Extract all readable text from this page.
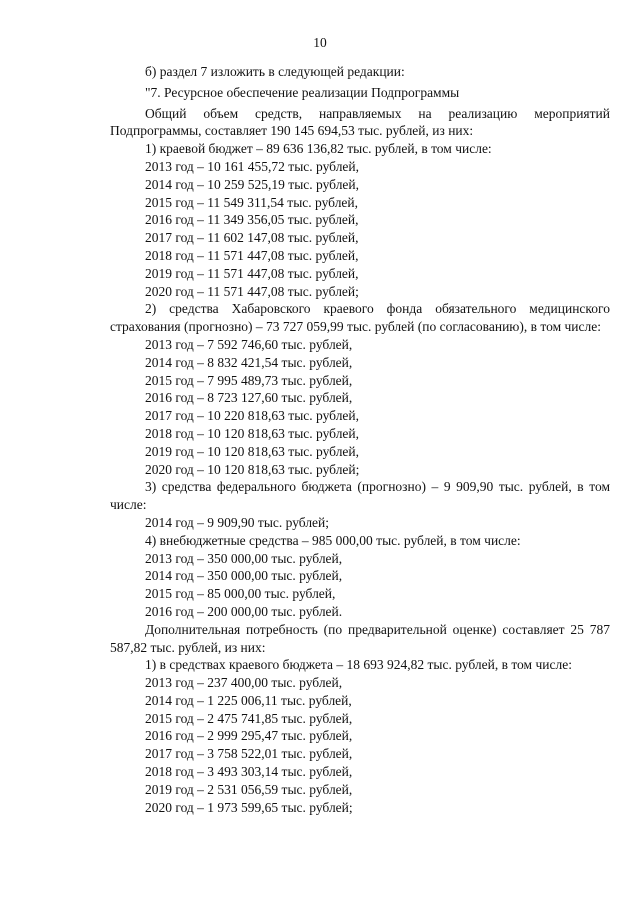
10

б) раздел 7 изложить в следующей редакции:

"7. Ресурсное обеспечение реализации Подпрограммы

Общий объем средств, направляемых на реализацию мероприятий Подпрограммы, составляет 190 145 694,53 тыс. рублей, из них:

1) краевой бюджет – 89 636 136,82 тыс. рублей, в том числе:

2013 год – 10 161 455,72 тыс. рублей,

2014 год – 10 259 525,19 тыс. рублей,

2015 год – 11 549 311,54 тыс. рублей,

2016 год – 11 349 356,05 тыс. рублей,

2017 год – 11 602 147,08 тыс. рублей,

2018 год – 11 571 447,08 тыс. рублей,

2019 год – 11 571 447,08 тыс. рублей,

2020 год – 11 571 447,08 тыс. рублей;

2) средства Хабаровского краевого фонда обязательного медицинского страхования (прогнозно) – 73 727 059,99 тыс. рублей (по согласованию), в том числе:

2013 год – 7 592 746,60 тыс. рублей,

2014 год – 8 832 421,54 тыс. рублей,

2015 год – 7 995 489,73 тыс. рублей,

2016 год – 8 723 127,60 тыс. рублей,

2017 год – 10 220 818,63 тыс. рублей,

2018 год – 10 120 818,63 тыс. рублей,

2019 год – 10 120 818,63 тыс. рублей,

2020 год – 10 120 818,63 тыс. рублей;

3) средства федерального бюджета (прогнозно) – 9 909,90 тыс. рублей, в том числе:

2014 год – 9 909,90 тыс. рублей;

4) внебюджетные средства – 985 000,00 тыс. рублей, в том числе:

2013 год – 350 000,00 тыс. рублей,

2014 год – 350 000,00 тыс. рублей,

2015 год – 85 000,00 тыс. рублей,

2016 год – 200 000,00 тыс. рублей.

Дополнительная потребность (по предварительной оценке) составляет 25 787 587,82 тыс. рублей, из них:

1) в средствах краевого бюджета – 18 693 924,82 тыс. рублей, в том числе:

2013 год – 237 400,00 тыс. рублей,

2014 год – 1 225 006,11 тыс. рублей,

2015 год – 2 475 741,85 тыс. рублей,

2016 год – 2 999 295,47 тыс. рублей,

2017 год – 3 758 522,01 тыс. рублей,

2018 год – 3 493 303,14 тыс. рублей,

2019 год – 2 531 056,59 тыс. рублей,

2020 год – 1 973 599,65 тыс. рублей;
